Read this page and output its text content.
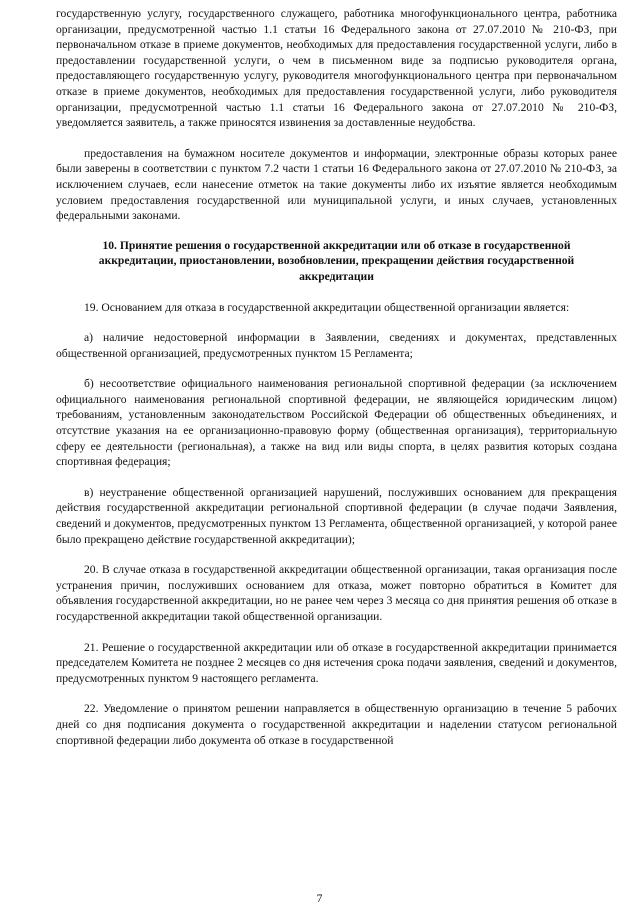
государственную услугу, государственного служащего, работника многофункционального центра, работника организации, предусмотренной частью 1.1 статьи 16 Федерального закона от 27.07.2010 № 210-ФЗ, при первоначальном отказе в приеме документов, необходимых для предоставления государственной услуги, либо в предоставлении государственной услуги, о чем в письменном виде за подписью руководителя органа, предоставляющего государственную услугу, руководителя многофункционального центра при первоначальном отказе в приеме документов, необходимых для предоставления государственной услуги, либо руководителя организации, предусмотренной частью 1.1 статьи 16 Федерального закона от 27.07.2010 № 210-ФЗ, уведомляется заявитель, а также приносятся извинения за доставленные неудобства.

предоставления на бумажном носителе документов и информации, электронные образы которых ранее были заверены в соответствии с пунктом 7.2 части 1 статьи 16 Федерального закона от 27.07.2010 № 210-ФЗ, за исключением случаев, если нанесение отметок на такие документы либо их изъятие является необходимым условием предоставления государственной или муниципальной услуги, и иных случаев, установленных федеральными законами.

10. Принятие решения о государственной аккредитации или об отказе в государственной аккредитации, приостановлении, возобновлении, прекращении действия государственной аккредитации

19. Основанием для отказа в государственной аккредитации общественной организации является:

а) наличие недостоверной информации в Заявлении, сведениях и документах, представленных общественной организацией, предусмотренных пунктом 15 Регламента;

б) несоответствие официального наименования региональной спортивной федерации (за исключением официального наименования региональной спортивной федерации, не являющейся юридическим лицом) требованиям, установленным законодательством Российской Федерации об общественных объединениях, и отсутствие указания на ее организационно-правовую форму (общественная организация), территориальную сферу ее деятельности (региональная), а также на вид или виды спорта, в целях развития которых создана спортивная федерация;

в) неустранение общественной организацией нарушений, послуживших основанием для прекращения действия государственной аккредитации региональной спортивной федерации (в случае подачи Заявления, сведений и документов, предусмотренных пунктом 13 Регламента, общественной организацией, у которой ранее было прекращено действие государственной аккредитации);

20. В случае отказа в государственной аккредитации общественной организации, такая организация после устранения причин, послуживших основанием для отказа, может повторно обратиться в Комитет для объявления государственной аккредитации, но не ранее чем через 3 месяца со дня принятия решения об отказе в государственной аккредитации такой общественной организации.

21. Решение о государственной аккредитации или об отказе в государственной аккредитации принимается председателем Комитета не позднее 2 месяцев со дня истечения срока подачи заявления, сведений и документов, предусмотренных пунктом 9 настоящего регламента.

22. Уведомление о принятом решении направляется в общественную организацию в течение 5 рабочих дней со дня подписания документа о государственной аккредитации и наделении статусом региональной спортивной федерации либо документа об отказе в государственной

7
